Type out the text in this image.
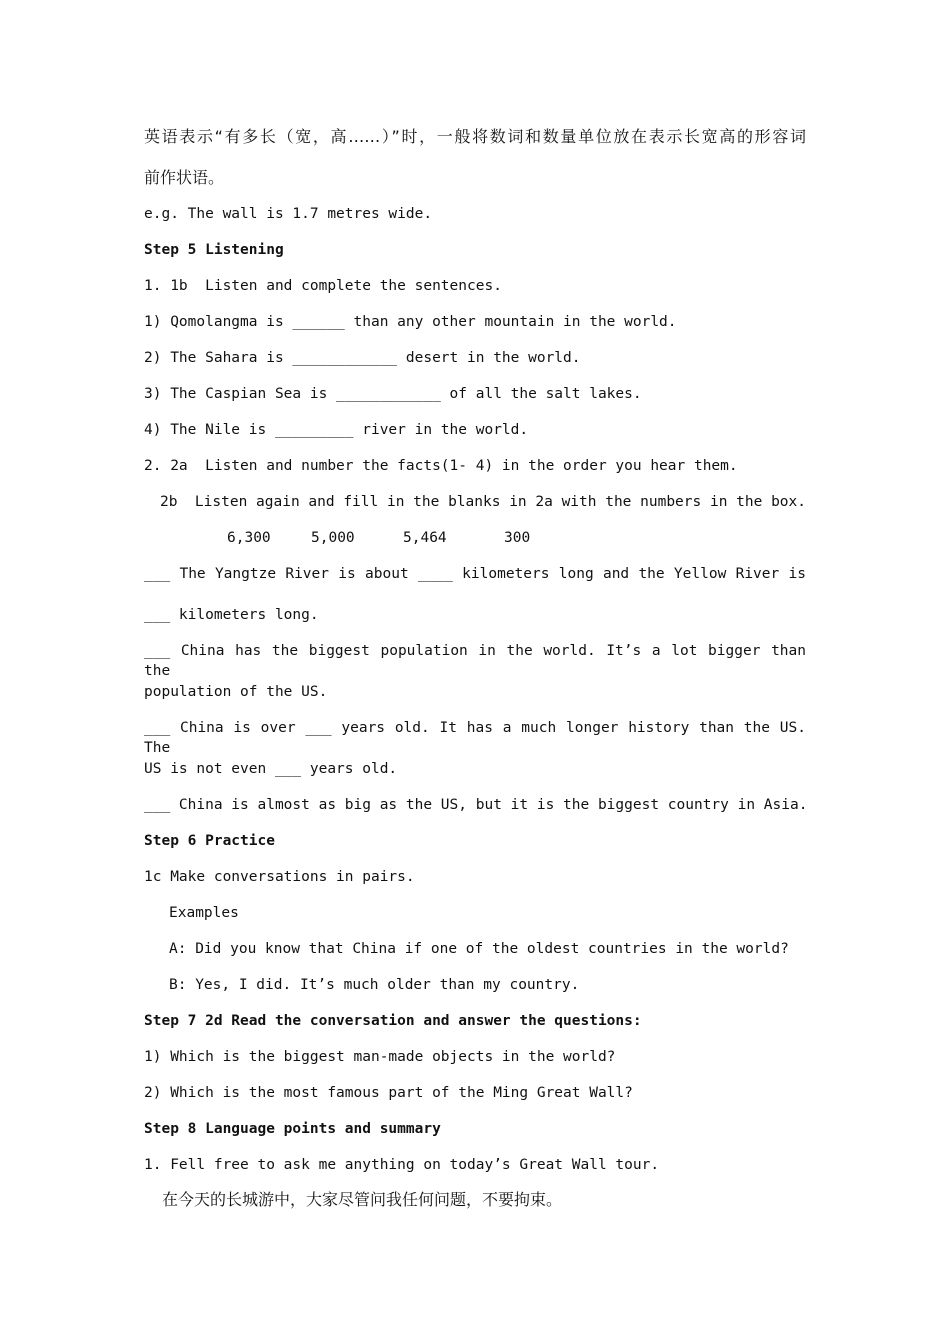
英语表示“有多长（宽，高……）”时，一般将数词和数量单位放在表示长宽高的形容词
前作状语。
e.g. The wall is 1.7 metres wide.
Step 5 Listening
1. 1b  Listen and complete the sentences.
1) Qomolangma is ______ than any other mountain in the world.
2) The Sahara is ____________ desert in the world.
3) The Caspian Sea is ____________ of all the salt lakes.
4) The Nile is _________ river in the world.
2. 2a  Listen and number the facts(1- 4) in the order you hear them.
2b  Listen again and fill in the blanks in 2a with the numbers in the box.
6,300	5,000	5,464	300
___ The Yangtze River is about ____ kilometers long and the Yellow River is
___ kilometers long.
___ China has the biggest population in the world. It’s a lot bigger than the
population of the US.
___ China is over ___ years old. It has a much longer history than the US. The
US is not even ___ years old.
___ China is almost as big as the US, but it is the biggest country in Asia.
Step 6 Practice
1c Make conversations in pairs.
Examples
A: Did you know that China if one of the oldest countries in the world?
B: Yes, I did. It’s much older than my country.
Step 7 2d Read the conversation and answer the questions:
1) Which is the biggest man-made objects in the world?
2) Which is the most famous part of the Ming Great Wall?
Step 8 Language points and summary
1. Fell free to ask me anything on today’s Great Wall tour.
在今天的长城游中，大家尽管问我任何问题，不要拘束。
